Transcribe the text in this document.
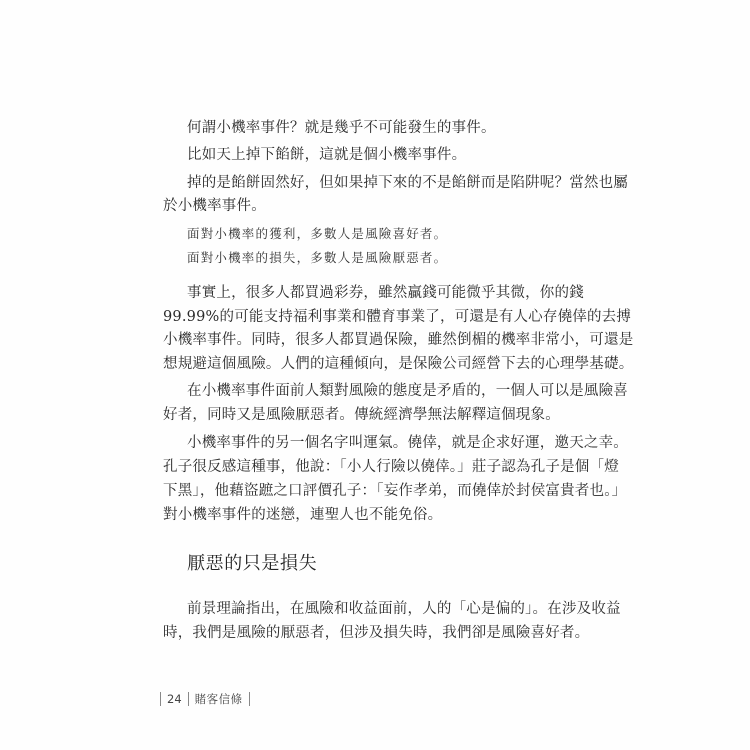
何謂小機率事件？就是幾乎不可能發生的事件。
比如天上掉下餡餅，這就是個小機率事件。
掉的是餡餅固然好，但如果掉下來的不是餡餅而是陷阱呢？當然也屬
於小機率事件。
面對小機率的獲利，多數人是風險喜好者。
面對小機率的損失，多數人是風險厭惡者。
事實上，很多人都買過彩券，雖然贏錢可能微乎其微，你的錢
99.99%的可能支持福利事業和體育事業了，可還是有人心存僥倖的去搏
小機率事件。同時，很多人都買過保險，雖然倒楣的機率非常小，可還是
想規避這個風險。人們的這種傾向，是保險公司經營下去的心理學基礎。
在小機率事件面前人類對風險的態度是矛盾的，一個人可以是風險喜
好者，同時又是風險厭惡者。傳統經濟學無法解釋這個現象。
小機率事件的另一個名字叫運氣。僥倖，就是企求好運，邀天之幸。
孔子很反感這種事，他說：「小人行險以僥倖。」莊子認為孔子是個「燈
下黑」，他藉盜蹠之口評價孔子：「妄作孝弟，而僥倖於封侯富貴者也。」
對小機率事件的迷戀，連聖人也不能免俗。
厭惡的只是損失
前景理論指出，在風險和收益面前，人的「心是偏的」。在涉及收益
時，我們是風險的厭惡者，但涉及損失時，我們卻是風險喜好者。
24	賭客信條
